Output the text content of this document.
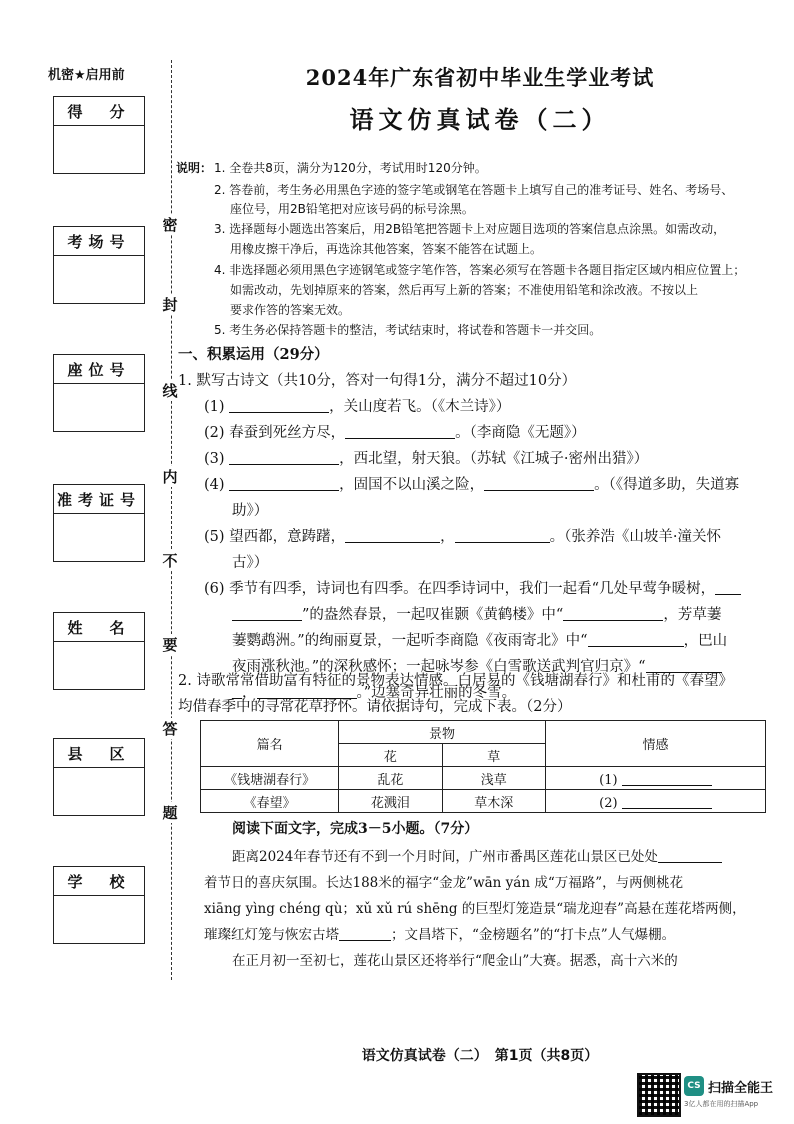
机密★启用前
得　分
考场号
座位号
准考证号
姓　名
县　区
学　校
密
封
线
内
不
要
答
题
2024年广东省初中毕业生学业考试
语文仿真试卷（二）
说明： 1. 全卷共8页，满分为120分，考试用时120分钟。
2. 答卷前，考生务必用黑色字迹的签字笔或钢笔在答题卡上填写自己的准考证号、姓名、考场号、
座位号，用2B铅笔把对应该号码的标号涂黑。
3. 选择题每小题选出答案后，用2B铅笔把答题卡上对应题目选项的答案信息点涂黑。如需改动，
用橡皮擦干净后，再选涂其他答案，答案不能答在试题上。
4. 非选择题必须用黑色字迹钢笔或签字笔作答，答案必须写在答题卡各题目指定区域内相应位置上；
如需改动，先划掉原来的答案，然后再写上新的答案；不准使用铅笔和涂改液。不按以上
要求作答的答案无效。
5. 考生务必保持答题卡的整洁，考试结束时，将试卷和答题卡一并交回。
一、积累运用（29分）
1. 默写古诗文（共10分，答对一句得1分，满分不超过10分）
(1)	，关山度若飞。（《木兰诗》）
(2) 春蚕到死丝方尽，	。（李商隐《无题》）
(3)	，西北望，射天狼。（苏轼《江城子·密州出猎》）
(4)	，固国不以山溪之险，	。（《得道多助，失道寡
助》）
(5) 望西都，意踌躇，	，	。（张养浩《山坡羊·潼关怀
古》）
(6) 季节有四季，诗词也有四季。在四季诗词中，我们一起看“几处早莺争暖树，
”的盎然春景，一起叹崔颢《黄鹤楼》中“	，芳草萋
萋鹦鹉洲。”的绚丽夏景，一起听李商隐《夜雨寄北》中“	，巴山
夜雨涨秋池。”的深秋感怀；一起咏岑参《白雪歌送武判官归京》“
，	。”边塞奇异壮丽的冬雪。
2. 诗歌常常借助富有特征的景物表达情感。白居易的《钱塘湖春行》和杜甫的《春望》
均借春季中的寻常花草抒怀。请依据诗句，完成下表。（2分）
篇名	景物		情感
	花	草	
《钱塘湖春行》	乱花	浅草	(1)
《春望》	花溅泪	草木深	(2)
阅读下面文字，完成3－5小题。（7分）
距离2024年春节还有不到一个月时间，广州市番禺区莲花山景区已处处
着节日的喜庆氛围。长达188米的福字“金龙”wān yán 成“万福路”，与两侧桃花
xiāng yìng chéng qù；xǔ xǔ rú shēng 的巨型灯笼造景“瑞龙迎春”高悬在莲花塔两侧，
璀璨红灯笼与恢宏古塔	；文昌塔下，“金榜题名”的“打卡点”人气爆棚。
在正月初一至初七，莲花山景区还将举行“爬金山”大赛。据悉，高十六米的
语文仿真试卷（二）　第1页（共8页）
CS 扫描全能王
3亿人都在用的扫描App
